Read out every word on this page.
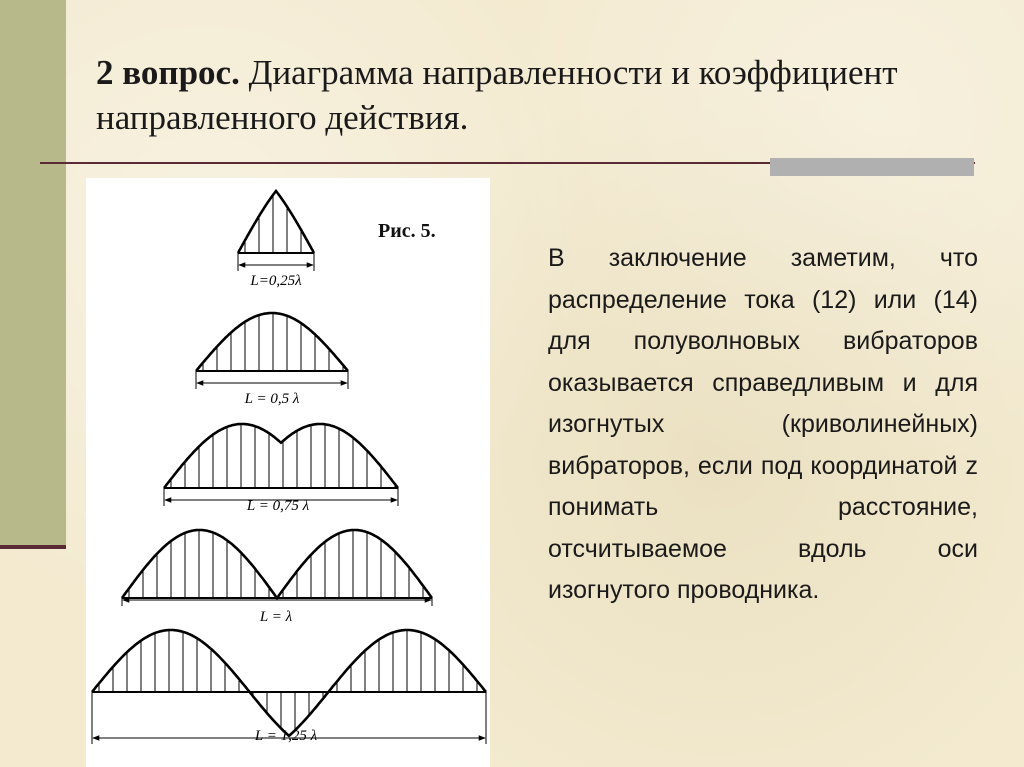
2 вопрос. Диаграмма направленности и коэффициент направленного действия.
Рис. 5.
L=0,25λ
L = 0,5 λ
L = 0,75 λ
L = λ
L = 1,25 λ
В заключение заметим, что распределение тока (12) или (14) для полуволновых вибраторов оказывается справедливым и для изогнутых (криволинейных) вибраторов, если под координатой z понимать расстояние, отсчитываемое вдоль оси изогнутого проводника.
